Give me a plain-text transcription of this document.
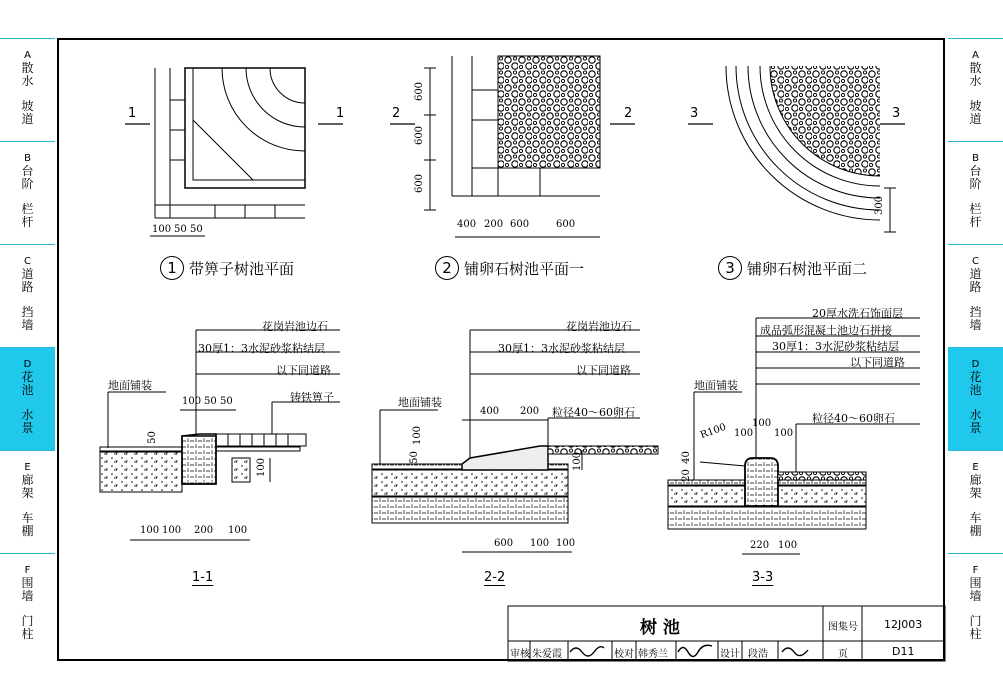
A
散水
坡道
B
台阶
栏杆
C
道路
挡墙
D
花池
水景
E
廊架
车棚
F
围墙
门柱
A
散水
坡道
B
台阶
栏杆
C
道路
挡墙
D
花池
水景
E
廊架
车棚
F
围墙
门柱
1 带箅子树池平面	2 铺卵石树池平面一	3 铺卵石树池平面二
1	1	2	2	3	3
100 50 50	400 200 600	600
600
600
600
300
花岗岩池边石
30厚1：3水泥砂浆粘结层
以下同道路
铸铁箅子
地面铺装
100 50 50
50
100
100 100 200 100
1-1
花岗岩池边石
30厚1：3水泥砂浆粘结层
以下同道路
粒径40～60卵石
地面铺装
400 200
100
50	100
600 100 100
2-2
20厚水洗石饰面层
成品弧形混凝土池边石拼接
30厚1：3水泥砂浆粘结层
以下同道路
粒径40～60卵石
地面铺装
100
100
100
R100
40
20
220 100
3-3
树 池	图集号 12J003
页	D11
审核 朱爱霞	校对 韩秀兰	设计 段浩
